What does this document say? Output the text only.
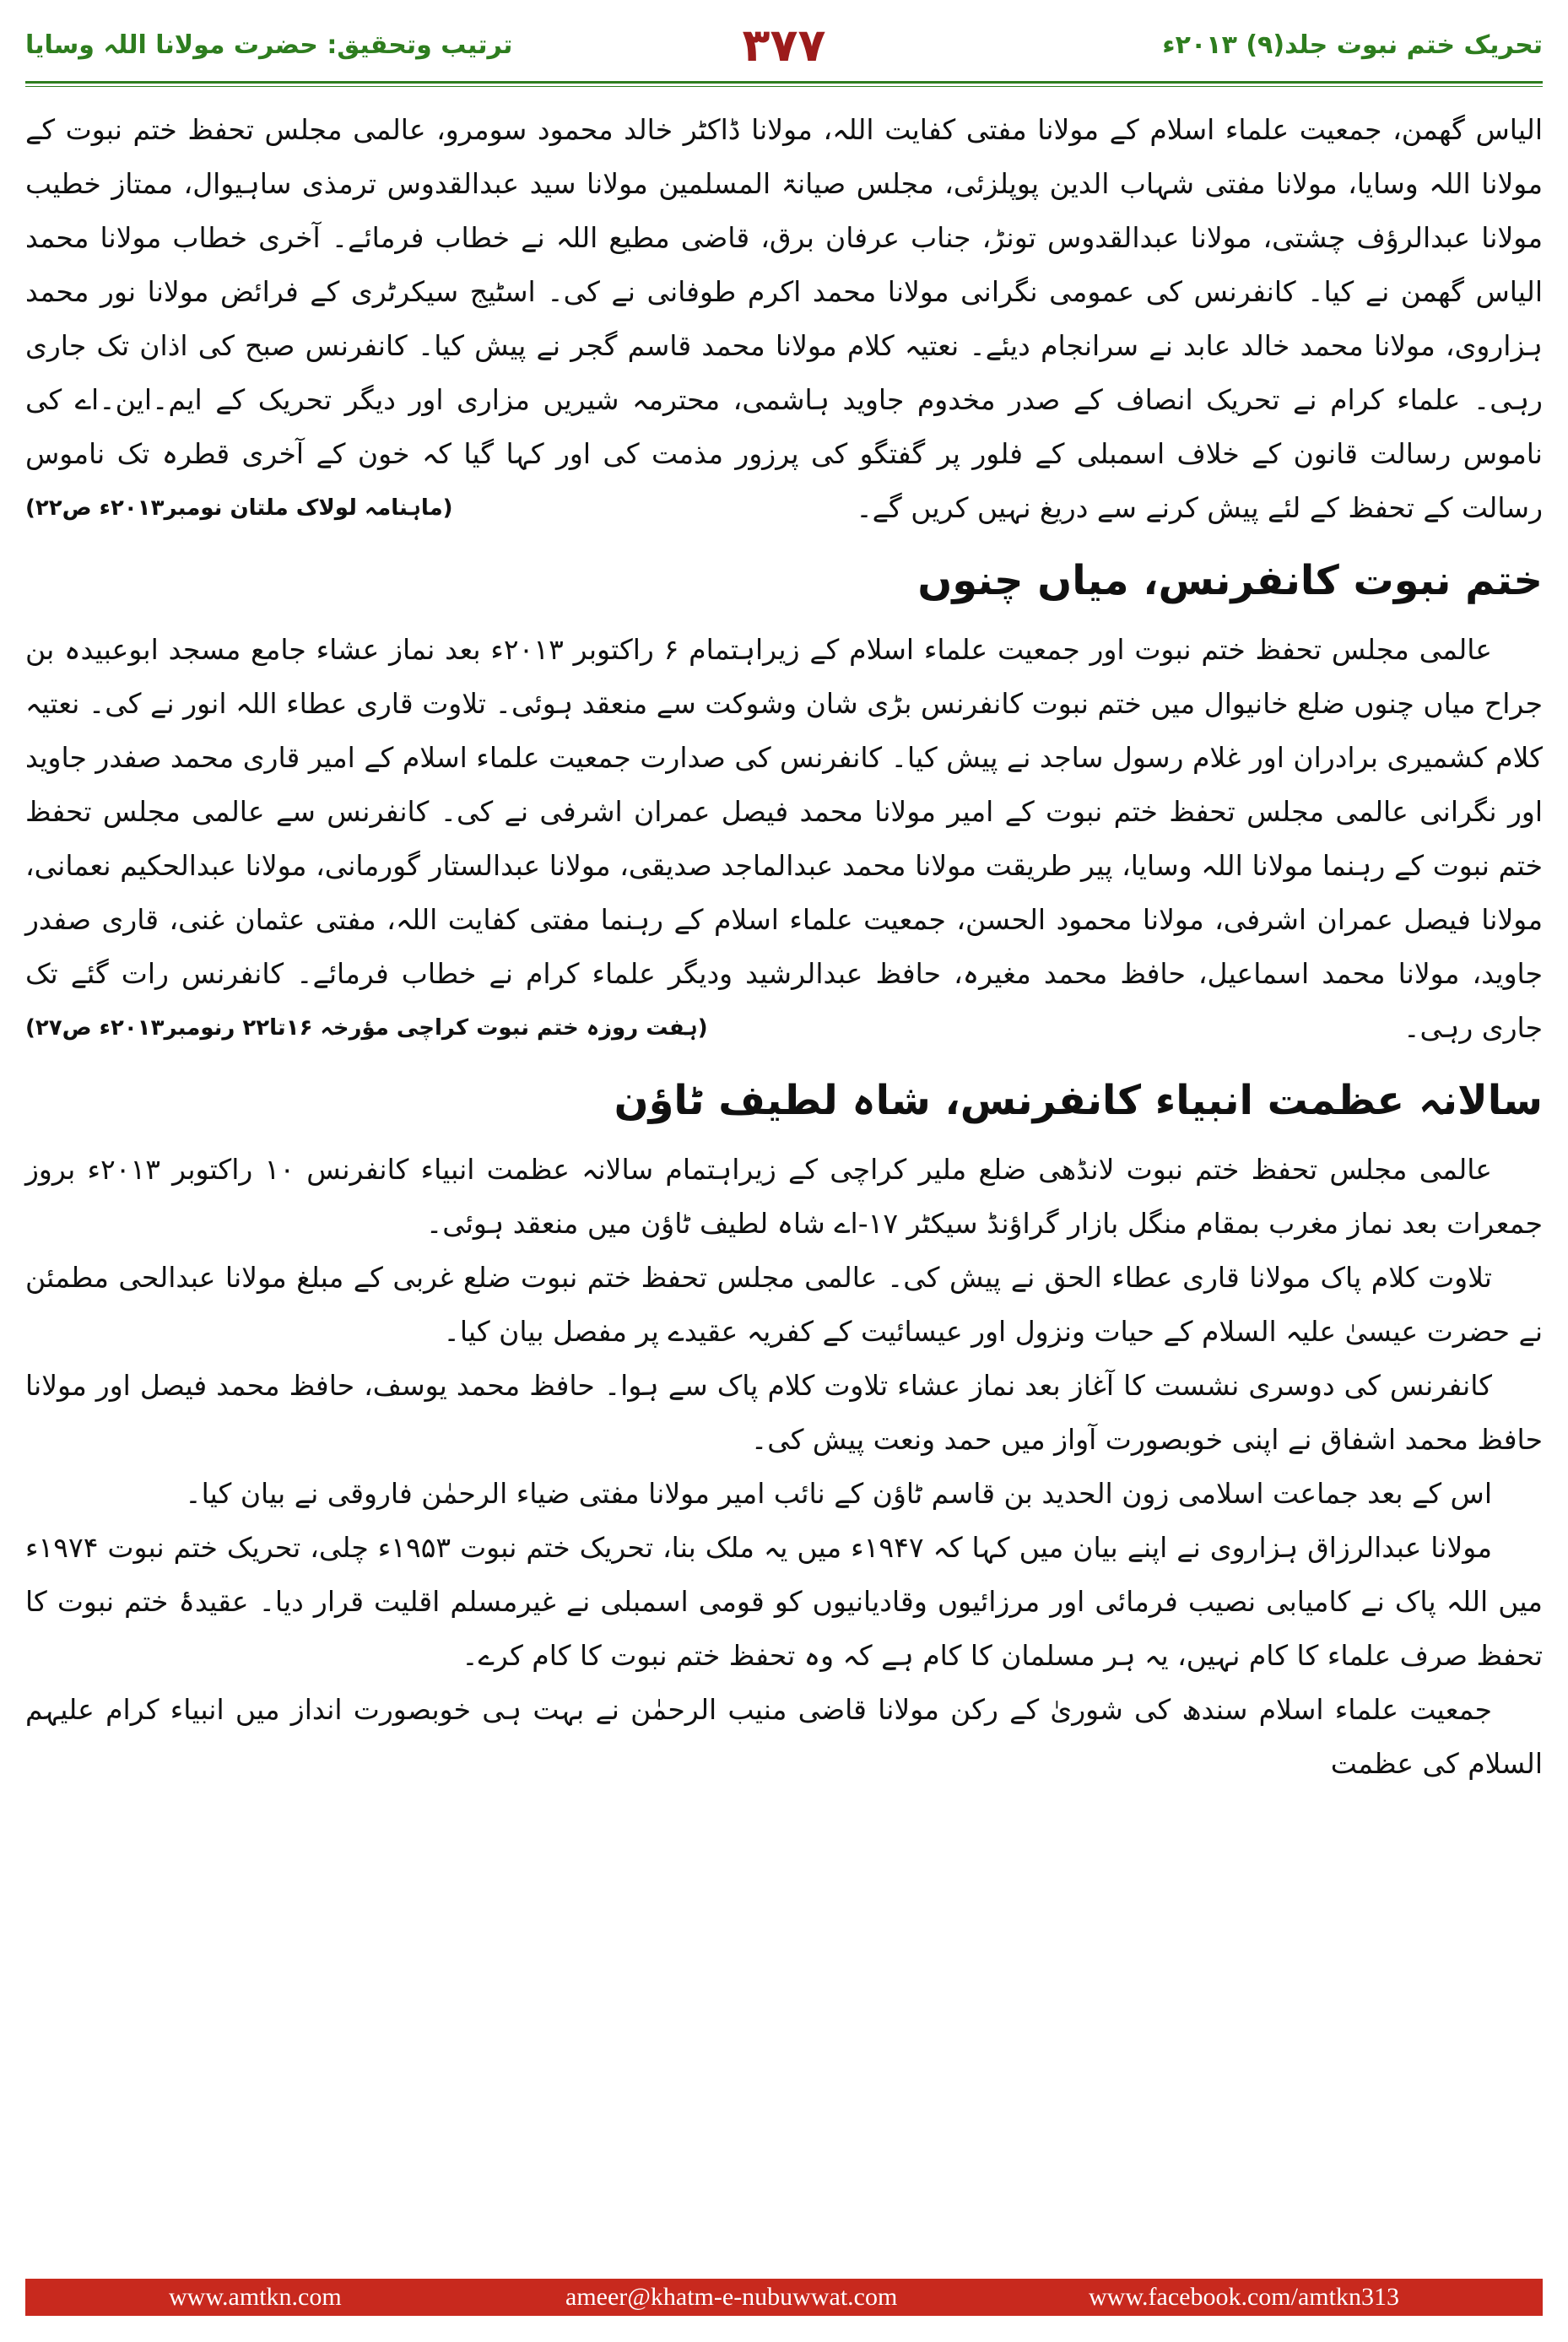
تحریک ختم نبوت جلد(۹) ۲۰۱۳ء
۳۷۷
ترتیب وتحقیق: حضرت مولانا اللہ وسایا

الیاس گھمن، جمعیت علماء اسلام کے مولانا مفتی کفایت اللہ، مولانا ڈاکٹر خالد محمود سومرو، عالمی مجلس تحفظ ختم نبوت کے مولانا اللہ وسایا، مولانا مفتی شہاب الدین پوپلزئی، مجلس صیانۃ المسلمین مولانا سید عبدالقدوس ترمذی ساہیوال، ممتاز خطیب مولانا عبدالرؤف چشتی، مولانا عبدالقدوس تونڑ، جناب عرفان برق، قاضی مطیع اللہ نے خطاب فرمائے۔ آخری خطاب مولانا محمد الیاس گھمن نے کیا۔ کانفرنس کی عمومی نگرانی مولانا محمد اکرم طوفانی نے کی۔ اسٹیج سیکرٹری کے فرائض مولانا نور محمد ہزاروی، مولانا محمد خالد عابد نے سرانجام دیئے۔ نعتیہ کلام مولانا محمد قاسم گجر نے پیش کیا۔ کانفرنس صبح کی اذان تک جاری رہی۔ علماء کرام نے تحریک انصاف کے صدر مخدوم جاوید ہاشمی، محترمہ شیریں مزاری اور دیگر تحریک کے ایم۔این۔اے کی ناموس رسالت قانون کے خلاف اسمبلی کے فلور پر گفتگو کی پرزور مذمت کی اور کہا گیا کہ خون کے آخری قطرہ تک ناموس رسالت کے تحفظ کے لئے پیش کرنے سے دریغ نہیں کریں گے۔
(ماہنامہ لولاک ملتان نومبر۲۰۱۳ء ص۲۲)

ختم نبوت کانفرنس، میاں چنوں

عالمی مجلس تحفظ ختم نبوت اور جمعیت علماء اسلام کے زیراہتمام ۶ راکتوبر ۲۰۱۳ء بعد نماز عشاء جامع مسجد ابوعبیدہ بن جراح میاں چنوں ضلع خانیوال میں ختم نبوت کانفرنس بڑی شان وشوکت سے منعقد ہوئی۔ تلاوت قاری عطاء اللہ انور نے کی۔ نعتیہ کلام کشمیری برادران اور غلام رسول ساجد نے پیش کیا۔ کانفرنس کی صدارت جمعیت علماء اسلام کے امیر قاری محمد صفدر جاوید اور نگرانی عالمی مجلس تحفظ ختم نبوت کے امیر مولانا محمد فیصل عمران اشرفی نے کی۔ کانفرنس سے عالمی مجلس تحفظ ختم نبوت کے رہنما مولانا اللہ وسایا، پیر طریقت مولانا محمد عبدالماجد صدیقی، مولانا عبدالستار گورمانی، مولانا عبدالحکیم نعمانی، مولانا فیصل عمران اشرفی، مولانا محمود الحسن، جمعیت علماء اسلام کے رہنما مفتی کفایت اللہ، مفتی عثمان غنی، قاری صفدر جاوید، مولانا محمد اسماعیل، حافظ محمد مغیرہ، حافظ عبدالرشید ودیگر علماء کرام نے خطاب فرمائے۔ کانفرنس رات گئے تک جاری رہی۔
(ہفت روزہ ختم نبوت کراچی مؤرخہ ۱۶تا۲۲ رنومبر۲۰۱۳ء ص۲۷)

سالانہ عظمت انبیاء کانفرنس، شاہ لطیف ٹاؤن

عالمی مجلس تحفظ ختم نبوت لانڈھی ضلع ملیر کراچی کے زیراہتمام سالانہ عظمت انبیاء کانفرنس ۱۰ راکتوبر ۲۰۱۳ء بروز جمعرات بعد نماز مغرب بمقام منگل بازار گراؤنڈ سیکٹر ۱۷-اے شاہ لطیف ٹاؤن میں منعقد ہوئی۔

تلاوت کلام پاک مولانا قاری عطاء الحق نے پیش کی۔ عالمی مجلس تحفظ ختم نبوت ضلع غربی کے مبلغ مولانا عبدالحی مطمئن نے حضرت عیسیٰ علیہ السلام کے حیات ونزول اور عیسائیت کے کفریہ عقیدے پر مفصل بیان کیا۔

کانفرنس کی دوسری نشست کا آغاز بعد نماز عشاء تلاوت کلام پاک سے ہوا۔ حافظ محمد یوسف، حافظ محمد فیصل اور مولانا حافظ محمد اشفاق نے اپنی خوبصورت آواز میں حمد ونعت پیش کی۔

اس کے بعد جماعت اسلامی زون الحدید بن قاسم ٹاؤن کے نائب امیر مولانا مفتی ضیاء الرحمٰن فاروقی نے بیان کیا۔

مولانا عبدالرزاق ہزاروی نے اپنے بیان میں کہا کہ ۱۹۴۷ء میں یہ ملک بنا، تحریک ختم نبوت ۱۹۵۳ء چلی، تحریک ختم نبوت ۱۹۷۴ء میں اللہ پاک نے کامیابی نصیب فرمائی اور مرزائیوں وقادیانیوں کو قومی اسمبلی نے غیرمسلم اقلیت قرار دیا۔ عقیدۂ ختم نبوت کا تحفظ صرف علماء کا کام نہیں، یہ ہر مسلمان کا کام ہے کہ وہ تحفظ ختم نبوت کا کام کرے۔

جمعیت علماء اسلام سندھ کی شوریٰ کے رکن مولانا قاضی منیب الرحمٰن نے بہت ہی خوبصورت انداز میں انبیاء کرام علیہم السلام کی عظمت

www.amtkn.com	ameer@khatm-e-nubuwwat.com	www.facebook.com/amtkn313
